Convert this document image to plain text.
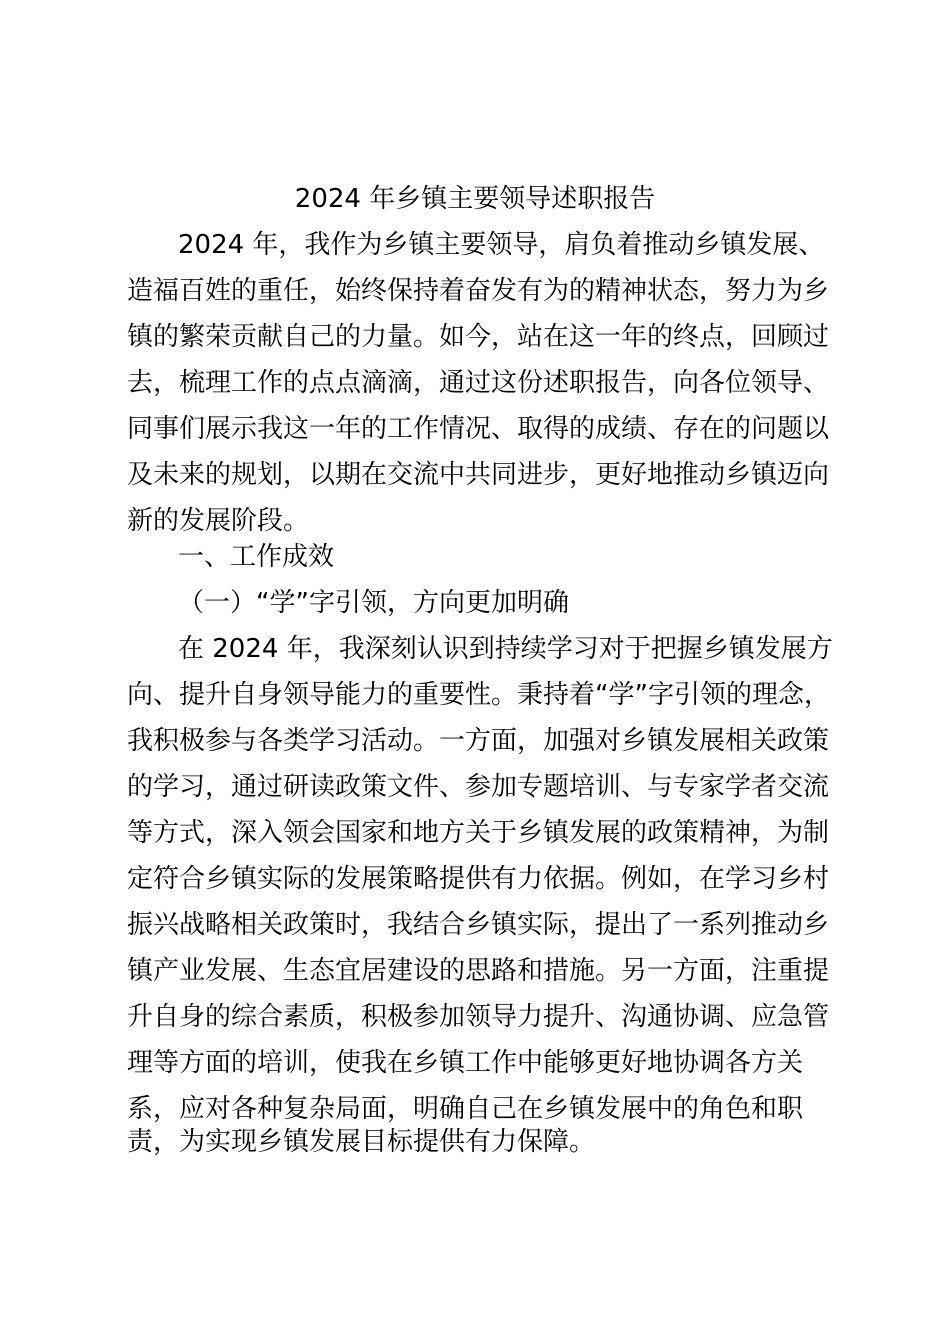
2024 年乡镇主要领导述职报告
2024 年，我作为乡镇主要领导，肩负着推动乡镇发展、
造福百姓的重任，始终保持着奋发有为的精神状态，努力为乡
镇的繁荣贡献自己的力量。如今，站在这一年的终点，回顾过
去，梳理工作的点点滴滴，通过这份述职报告，向各位领导、
同事们展示我这一年的工作情况、取得的成绩、存在的问题以
及未来的规划，以期在交流中共同进步，更好地推动乡镇迈向
新的发展阶段。
一、工作成效
（一）“学”字引领，方向更加明确
在 2024 年，我深刻认识到持续学习对于把握乡镇发展方
向、提升自身领导能力的重要性。秉持着“学”字引领的理念，
我积极参与各类学习活动。一方面，加强对乡镇发展相关政策
的学习，通过研读政策文件、参加专题培训、与专家学者交流
等方式，深入领会国家和地方关于乡镇发展的政策精神，为制
定符合乡镇实际的发展策略提供有力依据。例如，在学习乡村
振兴战略相关政策时，我结合乡镇实际，提出了一系列推动乡
镇产业发展、生态宜居建设的思路和措施。另一方面，注重提
升自身的综合素质，积极参加领导力提升、沟通协调、应急管
理等方面的培训，使我在乡镇工作中能够更好地协调各方关
系，应对各种复杂局面，明确自己在乡镇发展中的角色和职
责，为实现乡镇发展目标提供有力保障。
